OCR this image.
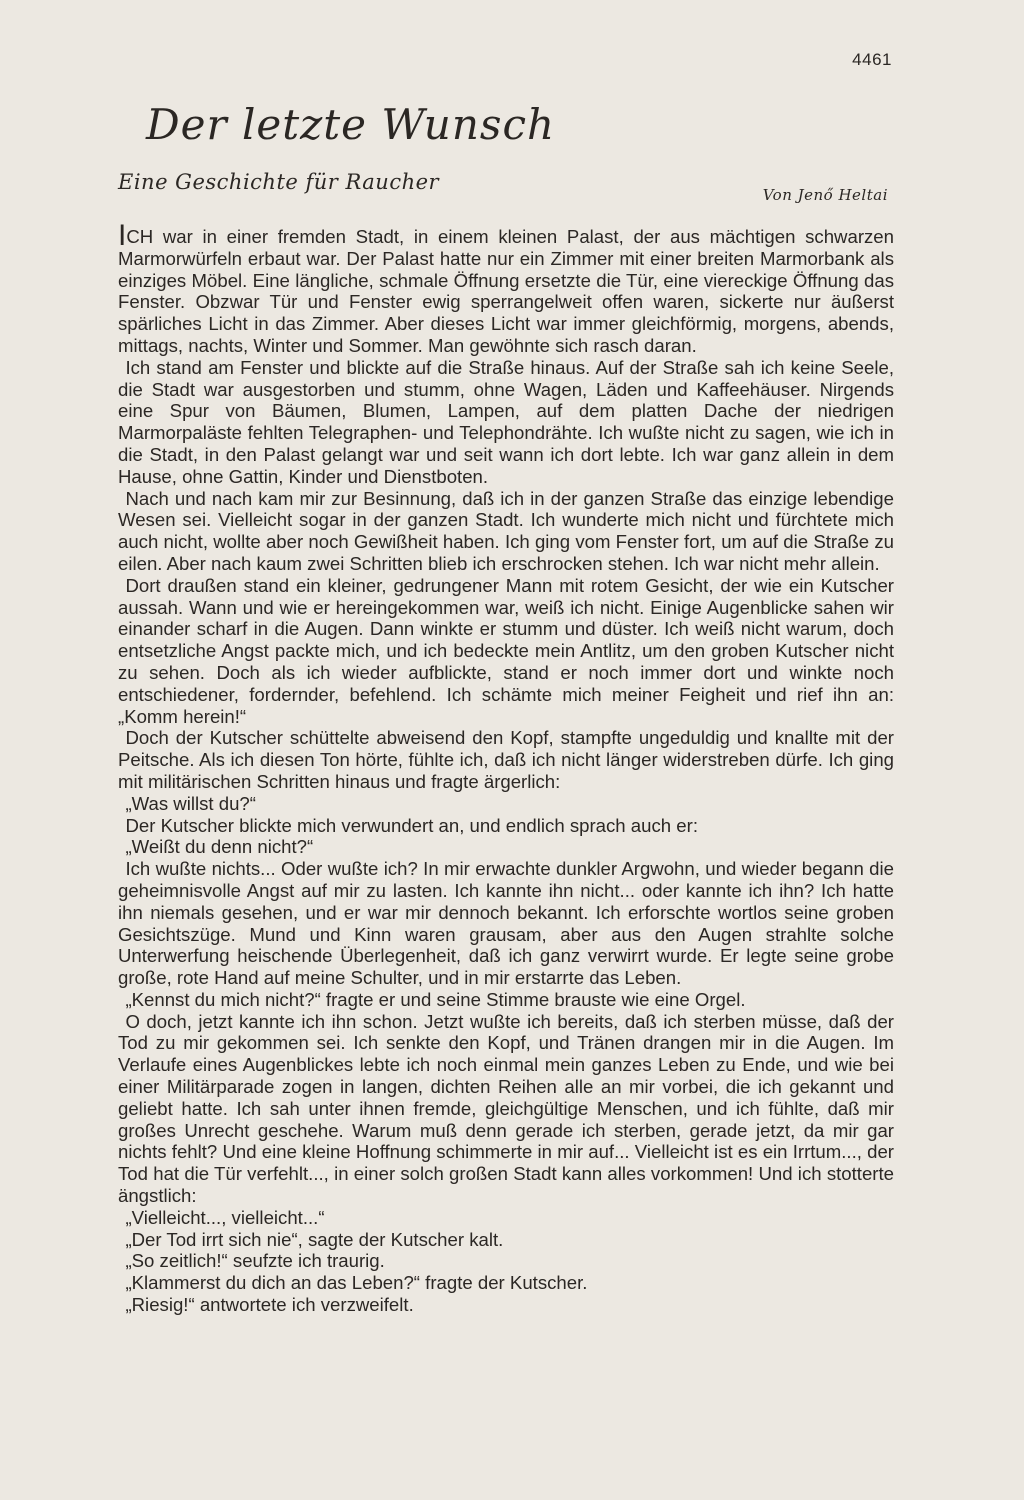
4461
Der letzte Wunsch
Eine Geschichte für Raucher
Von Jenő Heltai

ICH war in einer fremden Stadt, in einem kleinen Palast, der aus mächtigen schwarzen Marmorwürfeln erbaut war. Der Palast hatte nur ein Zimmer mit einer breiten Marmorbank als einziges Möbel. Eine längliche, schmale Öffnung ersetzte die Tür, eine viereckige Öffnung das Fenster. Obzwar Tür und Fenster ewig sperrangelweit offen waren, sickerte nur äußerst spärliches Licht in das Zimmer. Aber dieses Licht war immer gleichförmig, morgens, abends, mittags, nachts, Winter und Sommer. Man gewöhnte sich rasch daran.

Ich stand am Fenster und blickte auf die Straße hinaus. Auf der Straße sah ich keine Seele, die Stadt war ausgestorben und stumm, ohne Wagen, Läden und Kaffeehäuser. Nirgends eine Spur von Bäumen, Blumen, Lampen, auf dem platten Dache der niedrigen Marmorpaläste fehlten Telegraphen- und Telephondrähte. Ich wußte nicht zu sagen, wie ich in die Stadt, in den Palast gelangt war und seit wann ich dort lebte. Ich war ganz allein in dem Hause, ohne Gattin, Kinder und Dienstboten.

Nach und nach kam mir zur Besinnung, daß ich in der ganzen Straße das einzige lebendige Wesen sei. Vielleicht sogar in der ganzen Stadt. Ich wunderte mich nicht und fürchtete mich auch nicht, wollte aber noch Gewißheit haben. Ich ging vom Fenster fort, um auf die Straße zu eilen. Aber nach kaum zwei Schritten blieb ich erschrocken stehen. Ich war nicht mehr allein.

Dort draußen stand ein kleiner, gedrungener Mann mit rotem Gesicht, der wie ein Kutscher aussah. Wann und wie er hereingekommen war, weiß ich nicht. Einige Augenblicke sahen wir einander scharf in die Augen. Dann winkte er stumm und düster. Ich weiß nicht warum, doch entsetzliche Angst packte mich, und ich bedeckte mein Antlitz, um den groben Kutscher nicht zu sehen. Doch als ich wieder aufblickte, stand er noch immer dort und winkte noch entschiedener, fordernder, befehlend. Ich schämte mich meiner Feigheit und rief ihn an: „Komm herein!“

Doch der Kutscher schüttelte abweisend den Kopf, stampfte ungeduldig und knallte mit der Peitsche. Als ich diesen Ton hörte, fühlte ich, daß ich nicht länger widerstreben dürfe. Ich ging mit militärischen Schritten hinaus und fragte ärgerlich:

„Was willst du?“

Der Kutscher blickte mich verwundert an, und endlich sprach auch er:

„Weißt du denn nicht?“

Ich wußte nichts... Oder wußte ich? In mir erwachte dunkler Argwohn, und wieder begann die geheimnisvolle Angst auf mir zu lasten. Ich kannte ihn nicht... oder kannte ich ihn? Ich hatte ihn niemals gesehen, und er war mir dennoch bekannt. Ich erforschte wortlos seine groben Gesichtszüge. Mund und Kinn waren grausam, aber aus den Augen strahlte solche Unterwerfung heischende Überlegenheit, daß ich ganz verwirrt wurde. Er legte seine grobe große, rote Hand auf meine Schulter, und in mir erstarrte das Leben.

„Kennst du mich nicht?“ fragte er und seine Stimme brauste wie eine Orgel.

O doch, jetzt kannte ich ihn schon. Jetzt wußte ich bereits, daß ich sterben müsse, daß der Tod zu mir gekommen sei. Ich senkte den Kopf, und Tränen drangen mir in die Augen. Im Verlaufe eines Augenblickes lebte ich noch einmal mein ganzes Leben zu Ende, und wie bei einer Militärparade zogen in langen, dichten Reihen alle an mir vorbei, die ich gekannt und geliebt hatte. Ich sah unter ihnen fremde, gleichgültige Menschen, und ich fühlte, daß mir großes Unrecht geschehe. Warum muß denn gerade ich sterben, gerade jetzt, da mir gar nichts fehlt? Und eine kleine Hoffnung schimmerte in mir auf... Vielleicht ist es ein Irrtum..., der Tod hat die Tür verfehlt..., in einer solch großen Stadt kann alles vorkommen! Und ich stotterte ängstlich:

„Vielleicht..., vielleicht...“

„Der Tod irrt sich nie“, sagte der Kutscher kalt.

„So zeitlich!“ seufzte ich traurig.

„Klammerst du dich an das Leben?“ fragte der Kutscher.

„Riesig!“ antwortete ich verzweifelt.
